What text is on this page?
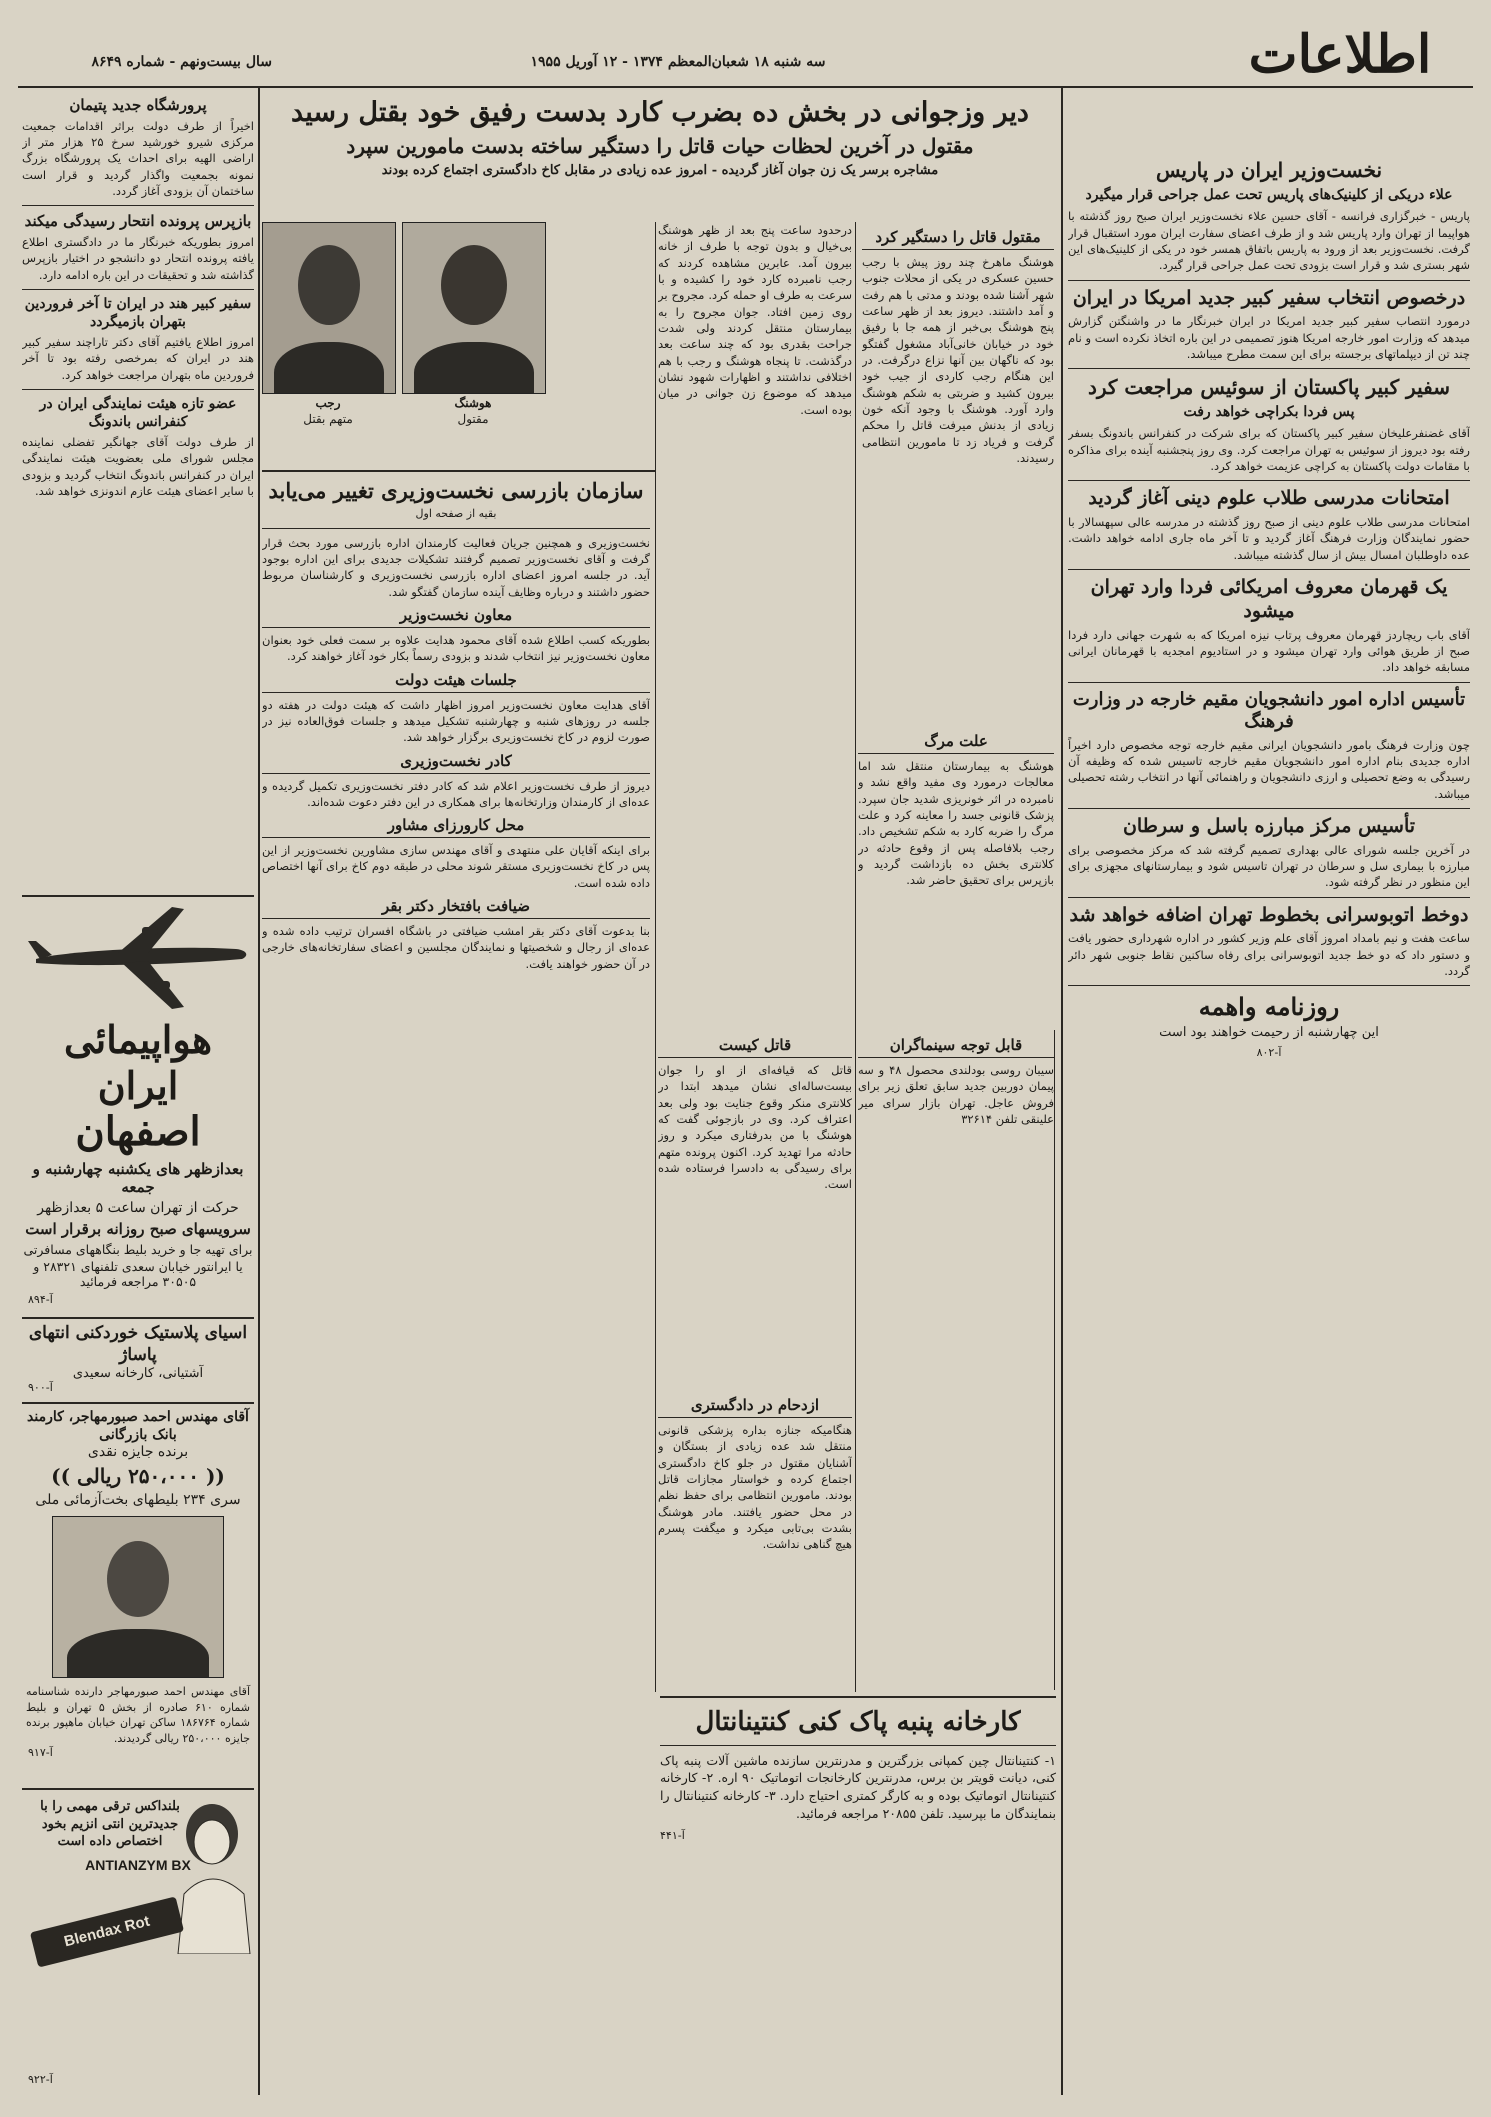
سال بیست‌ونهم - شماره ۸۶۴۹	سه شنبه ۱۸ شعبان‌المعظم ۱۳۷۴ - ۱۲ آوریل ۱۹۵۵	اطلاعات
پرورشگاه جدید پتیمان

اخیراً از طرف دولت براثر اقدامات جمعیت مرکزی شیرو خورشید سرخ ۲۵ هزار متر از اراضی الهیه برای احداث یک پرورشگاه بزرگ نمونه بجمعیت واگذار گردید و قرار است ساختمان آن بزودی آغاز گردد.

بازپرس پرونده انتحار رسیدگی میکند

امروز بطوریکه خبرنگار ما در دادگستری اطلاع یافته پرونده انتحار دو دانشجو در اختیار بازپرس گذاشته شد و تحقیقات در این باره ادامه دارد.

سفیر کبیر هند در ایران تا آخر فروردین بتهران بازمیگردد

امروز اطلاع یافتیم آقای دکتر تاراچند سفیر کبیر هند در ایران که بمرخصی رفته بود تا آخر فروردین ماه بتهران مراجعت خواهد کرد.

عضو تازه هیئت نمایندگی ایران در کنفرانس باندونگ

از طرف دولت آقای جهانگیر تفضلی نماینده مجلس شورای ملی بعضویت هیئت نمایندگی ایران در کنفرانس باندونگ انتخاب گردید و بزودی با سایر اعضای هیئت عازم اندونزی خواهد شد.

هواپیمائی ایران
اصفهان
بعدازظهر های یکشنبه چهارشنبه و جمعه
حرکت از تهران ساعت ۵ بعدازظهر
سرویسهای صبح روزانه برقرار است
برای تهیه جا و خرید بلیط بنگاههای مسافرتی
یا ایرانتور خیابان سعدی تلفنهای ۲۸۳۲۱ و ۳۰۵۰۵ مراجعه فرمائید
آ-۸۹۴
اسیای پلاستیک خوردکنی انتهای پاساژ
آشتیانی، کارخانه سعیدی
آ-۹۰۰
آقای مهندس احمد صبورمهاجر، کارمند بانک بازرگانی
برنده جایزه نقدی
(( ۲۵۰،۰۰۰ ریالی ))
سری ۲۳۴ بلیطهای بخت‌آزمائی ملی

آقای مهندس احمد صبورمهاجر دارنده شناسنامه شماره ۶۱۰ صادره از بخش ۵ تهران و بلیط شماره ۱۸۶۷۶۴ ساکن تهران خیابان ماهپور برنده جایزه ۲۵۰،۰۰۰ ریالی گردیدند.

آ-۹۱۷
بلنداکس ترقی مهمی را با جدیدترین انتی انزیم بخود اختصاص داده است
ANTIANZYM BX
Blendax Rot
آ-۹۲۲
دیر وزجوانی در بخش ده بضرب کارد بدست رفیق خود بقتل رسید
مقتول در آخرین لحظات حیات قاتل را دستگیر ساخته بدست مامورین سپرد
مشاجره برسر یک زن جوان آغاز گردیده - امروز عده زیادی در مقابل کاخ دادگستری اجتماع کرده بودند
رجب
متهم بقتل
هوشنگ
مقتول
مقتول قاتل را دستگیر کرد

هوشنگ ماهرخ چند روز پیش با رجب حسین عسکری در یکی از محلات جنوب شهر آشنا شده بودند و مدتی با هم رفت و آمد داشتند. دیروز بعد از ظهر ساعت پنج هوشنگ بی‌خبر از همه جا با رفیق خود در خیابان خانی‌آباد مشغول گفتگو بود که ناگهان بین آنها نزاع درگرفت. در این هنگام رجب کاردی از جیب خود بیرون کشید و ضربتی به شکم هوشنگ وارد آورد. هوشنگ با وجود آنکه خون زیادی از بدنش میرفت قاتل را محکم گرفت و فریاد زد تا مامورین انتظامی رسیدند.

درحدود ساعت پنج بعد از ظهر هوشنگ بی‌خیال و بدون توجه با طرف از خانه بیرون آمد. عابرین مشاهده کردند که رجب نامبرده کارد خود را کشیده و با سرعت به طرف او حمله کرد. مجروح بر روی زمین افتاد. جوان مجروح را به بیمارستان منتقل کردند ولی شدت جراحت بقدری بود که چند ساعت بعد درگذشت. تا پنجاه هوشنگ و رجب با هم اختلافی نداشتند و اظهارات شهود نشان میدهد که موضوع زن جوانی در میان بوده است.

علت مرگ

هوشنگ به بیمارستان منتقل شد اما معالجات درمورد وی مفید واقع نشد و نامبرده در اثر خونریزی شدید جان سپرد. پزشک قانونی جسد را معاینه کرد و علت مرگ را ضربه کارد به شکم تشخیص داد. رجب بلافاصله پس از وقوع حادثه در کلانتری بخش ده بازداشت گردید و بازپرس برای تحقیق حاضر شد.

قاتل کیست

قاتل که قیافه‌ای از او را جوان بیست‌ساله‌ای نشان میدهد ابتدا در کلانتری منکر وقوع جنایت بود ولی بعد اعتراف کرد. وی در بازجوئی گفت که هوشنگ با من بدرفتاری میکرد و روز حادثه مرا تهدید کرد. اکنون پرونده متهم برای رسیدگی به دادسرا فرستاده شده است.

ازدحام در دادگستری

هنگامیکه جنازه بداره پزشکی قانونی منتقل شد عده زیادی از بستگان و آشنایان مقتول در جلو کاخ دادگستری اجتماع کرده و خواستار مجازات قاتل بودند. مامورین انتظامی برای حفظ نظم در محل حضور یافتند. مادر هوشنگ بشدت بی‌تابی میکرد و میگفت پسرم هیچ گناهی نداشت.

قابل توجه سینماگران

سیبان روسی بودلندی محصول ۴۸ و سه پیمان دوربین جدید سابق تعلق زیر برای فروش عاجل. تهران بازار سرای میر علینقی تلفن ۳۲۶۱۴

سازمان بازرسی نخست‌وزیری تغییر می‌یابد
بقیه از صفحه اول

نخست‌وزیری و همچنین جریان فعالیت کارمندان اداره بازرسی مورد بحث قرار گرفت و آقای نخست‌وزیر تصمیم گرفتند تشکیلات جدیدی برای این اداره بوجود آید. در جلسه امروز اعضای اداره بازرسی نخست‌وزیری و کارشناسان مربوط حضور داشتند و درباره وظایف آینده سازمان گفتگو شد.

معاون نخست‌وزیر

بطوریکه کسب اطلاع شده آقای محمود هدایت علاوه بر سمت فعلی خود بعنوان معاون نخست‌وزیر نیز انتخاب شدند و بزودی رسماً بکار خود آغاز خواهند کرد.

جلسات هیئت دولت

آقای هدایت معاون نخست‌وزیر امروز اظهار داشت که هیئت دولت در هفته دو جلسه در روزهای شنبه و چهارشنبه تشکیل میدهد و جلسات فوق‌العاده نیز در صورت لزوم در کاخ نخست‌وزیری برگزار خواهد شد.

کادر نخست‌وزیری

دیروز از طرف نخست‌وزیر اعلام شد که کادر دفتر نخست‌وزیری تکمیل گردیده و عده‌ای از کارمندان وزارتخانه‌ها برای همکاری در این دفتر دعوت شده‌اند.

محل کارورزای مشاور

برای اینکه آقایان علی منتهدی و آقای مهندس سازی مشاورین نخست‌وزیر از این پس در کاخ نخست‌وزیری مستقر شوند محلی در طبقه دوم کاخ برای آنها اختصاص داده شده است.

ضیافت بافتخار دکتر بقر

بنا بدعوت آقای دکتر بقر امشب ضیافتی در باشگاه افسران ترتیب داده شده و عده‌ای از رجال و شخصیتها و نمایندگان مجلسین و اعضای سفارتخانه‌های خارجی در آن حضور خواهند یافت.

کارخانه پنبه پاک کنی کنتینانتال

۱- کنتینانتال چین کمپانی بزرگترین و مدرنترین سازنده ماشین آلات پنبه پاک کنی، دیانت قویتر بن برس، مدرنترین کارخانجات اتوماتیک ۹۰ اره. ۲- کارخانه کنتینانتال اتوماتیک بوده و به کارگر کمتری احتیاج دارد. ۳- کارخانه کنتینانتال را بنمایندگان ما بپرسید. تلفن ۲۰۸۵۵ مراجعه فرمائید.

آ-۴۴۱
نخست‌وزیر ایران در پاریس
علاء دریکی از کلینیک‌های پاریس تحت عمل جراحی قرار میگیرد

پاریس - خبرگزاری فرانسه - آقای حسین علاء نخست‌وزیر ایران صبح روز گذشته با هواپیما از تهران وارد پاریس شد و از طرف اعضای سفارت ایران مورد استقبال قرار گرفت. نخست‌وزیر بعد از ورود به پاریس باتفاق همسر خود در یکی از کلینیک‌های این شهر بستری شد و قرار است بزودی تحت عمل جراحی قرار گیرد.

درخصوص انتخاب سفیر کبیر جدید امریکا در ایران

درمورد انتصاب سفیر کبیر جدید امریکا در ایران خبرنگار ما در واشنگتن گزارش میدهد که وزارت امور خارجه امریکا هنوز تصمیمی در این باره اتخاذ نکرده است و نام چند تن از دیپلماتهای برجسته برای این سمت مطرح میباشد.

سفیر کبیر پاکستان از سوئیس مراجعت کرد
پس فردا بکراچی خواهد رفت

آقای غضنفرعلیخان سفیر کبیر پاکستان که برای شرکت در کنفرانس باندونگ بسفر رفته بود دیروز از سوئیس به تهران مراجعت کرد. وی روز پنجشنبه آینده برای مذاکره با مقامات دولت پاکستان به کراچی عزیمت خواهد کرد.

امتحانات مدرسی طلاب علوم دینی آغاز گردید

امتحانات مدرسی طلاب علوم دینی از صبح روز گذشته در مدرسه عالی سپهسالار با حضور نمایندگان وزارت فرهنگ آغاز گردید و تا آخر ماه جاری ادامه خواهد داشت. عده داوطلبان امسال بیش از سال گذشته میباشد.

یک قهرمان معروف امریکائی فردا وارد تهران میشود

آقای باب ریچاردز قهرمان معروف پرتاب نیزه امریکا که به شهرت جهانی دارد فردا صبح از طریق هوائی وارد تهران میشود و در استادیوم امجدیه با قهرمانان ایرانی مسابقه خواهد داد.

تأسیس اداره امور دانشجویان مقیم خارجه در وزارت فرهنگ

چون وزارت فرهنگ بامور دانشجویان ایرانی مقیم خارجه توجه مخصوص دارد اخیراً اداره جدیدی بنام اداره امور دانشجویان مقیم خارجه تاسیس شده که وظیفه آن رسیدگی به وضع تحصیلی و ارزی دانشجویان و راهنمائی آنها در انتخاب رشته تحصیلی میباشد.

تأسیس مرکز مبارزه باسل و سرطان

در آخرین جلسه شورای عالی بهداری تصمیم گرفته شد که مرکز مخصوصی برای مبارزه با بیماری سل و سرطان در تهران تاسیس شود و بیمارستانهای مجهزی برای این منظور در نظر گرفته شود.

دوخط اتوبوسرانی بخطوط تهران اضافه خواهد شد

ساعت هفت و نیم بامداد امروز آقای علم وزیر کشور در اداره شهرداری حضور یافت و دستور داد که دو خط جدید اتوبوسرانی برای رفاه ساکنین نقاط جنوبی شهر دائر گردد.

روزنامه واهمه
این چهارشنبه از رحیمت خواهند بود است
آ-۸۰۲
